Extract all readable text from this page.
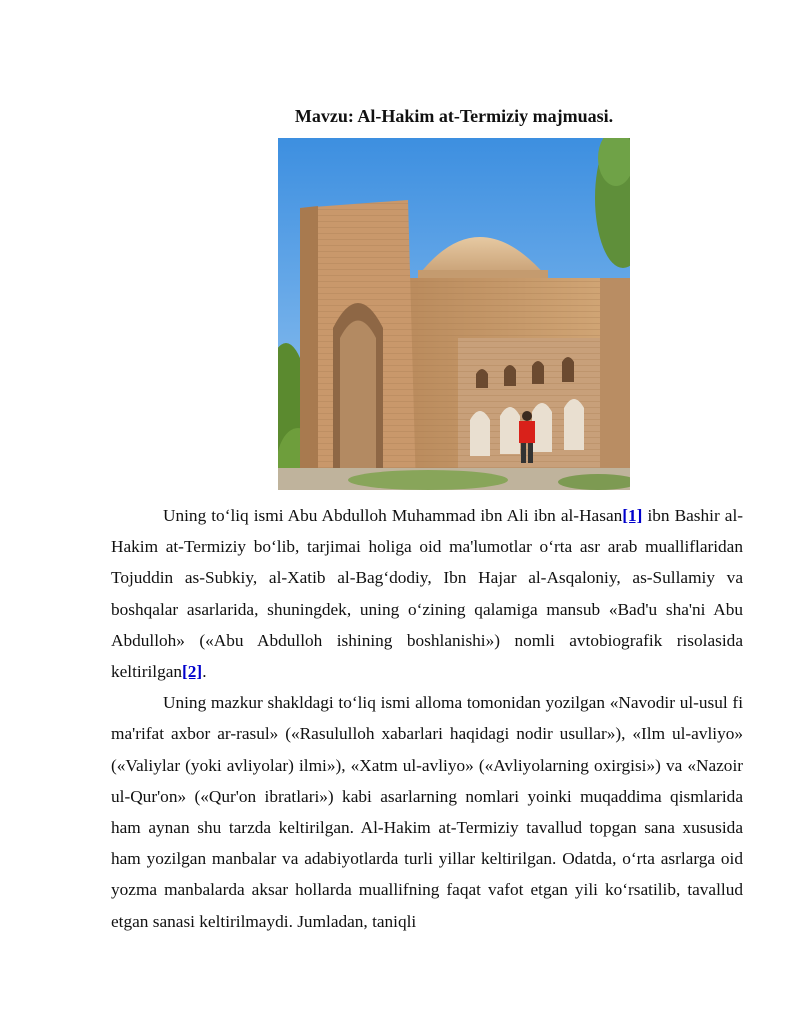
Mavzu: Al-Hakim at-Termiziy majmuasi.

Uning to‘liq ismi Abu Abdulloh Muhammad ibn Ali ibn al-Hasan[1] ibn Bashir al-Hakim at-Termiziy bo‘lib, tarjimai holiga oid ma'lumotlar o‘rta asr arab mualliflaridan Tojuddin as-Subkiy, al-Xatib al-Bag‘dodiy, Ibn Hajar al-Asqaloniy, as-Sullamiy va boshqalar asarlarida, shuningdek, uning o‘zining qalamiga mansub «Bad'u sha'ni Abu Abdulloh» («Abu Abdulloh ishining boshlanishi») nomli avtobiografik risolasida keltirilgan[2].

Uning mazkur shakldagi to‘liq ismi alloma tomonidan yozilgan «Navodir ul-usul fi ma'rifat axbor ar-rasul» («Rasululloh xabarlari haqidagi nodir usullar»), «Ilm ul-avliyo» («Valiylar (yoki avliyolar) ilmi»), «Xatm ul-avliyo» («Avliyolarning oxirgisi») va «Nazoir ul-Qur'on» («Qur'on ibratlari») kabi asarlarning nomlari yoinki muqaddima qismlarida ham aynan shu tarzda keltirilgan. Al-Hakim at-Termiziy tavallud topgan sana xususida ham yozilgan manbalar va adabiyotlarda turli yillar keltirilgan. Odatda, o‘rta asrlarga oid yozma manbalarda aksar hollarda muallifning faqat vafot etgan yili ko‘rsatilib, tavallud etgan sanasi keltirilmaydi. Jumladan, taniqli
